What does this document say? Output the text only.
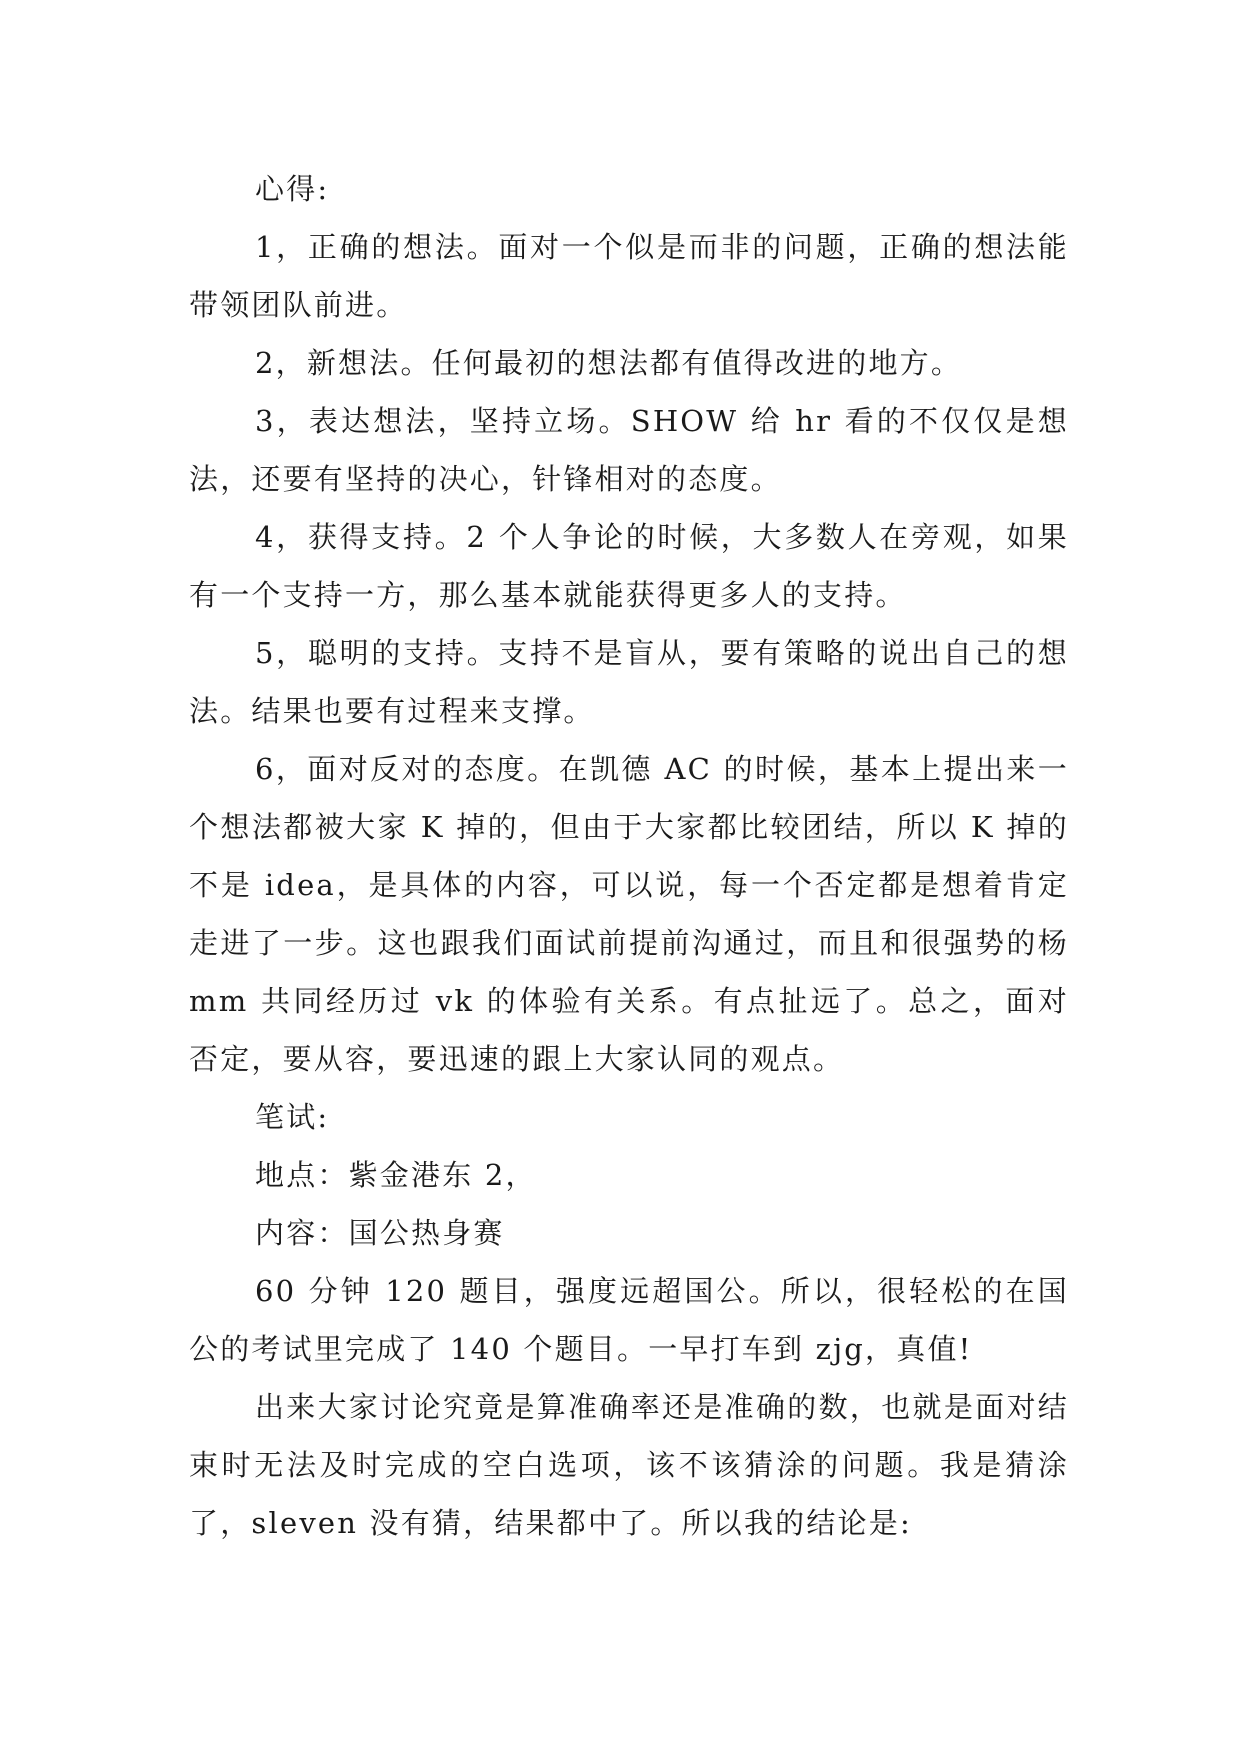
心得:

1，正确的想法。面对一个似是而非的问题，正确的想法能带领团队前进。

2，新想法。任何最初的想法都有值得改进的地方。

3，表达想法，坚持立场。SHOW 给 hr 看的不仅仅是想法，还要有坚持的决心，针锋相对的态度。

4，获得支持。2 个人争论的时候，大多数人在旁观，如果有一个支持一方，那么基本就能获得更多人的支持。

5，聪明的支持。支持不是盲从，要有策略的说出自己的想法。结果也要有过程来支撑。

6，面对反对的态度。在凯德 AC 的时候，基本上提出来一个想法都被大家 K 掉的，但由于大家都比较团结，所以 K 掉的不是 idea，是具体的内容，可以说，每一个否定都是想着肯定走进了一步。这也跟我们面试前提前沟通过，而且和很强势的杨 mm 共同经历过 vk 的体验有关系。有点扯远了。总之，面对否定，要从容，要迅速的跟上大家认同的观点。

笔试:

地点：紫金港东 2，

内容：国公热身赛

60 分钟 120 题目，强度远超国公。所以，很轻松的在国公的考试里完成了 140 个题目。一早打车到 zjg，真值!

出来大家讨论究竟是算准确率还是准确的数，也就是面对结束时无法及时完成的空白选项，该不该猜涂的问题。我是猜涂了，sleven 没有猜，结果都中了。所以我的结论是:
